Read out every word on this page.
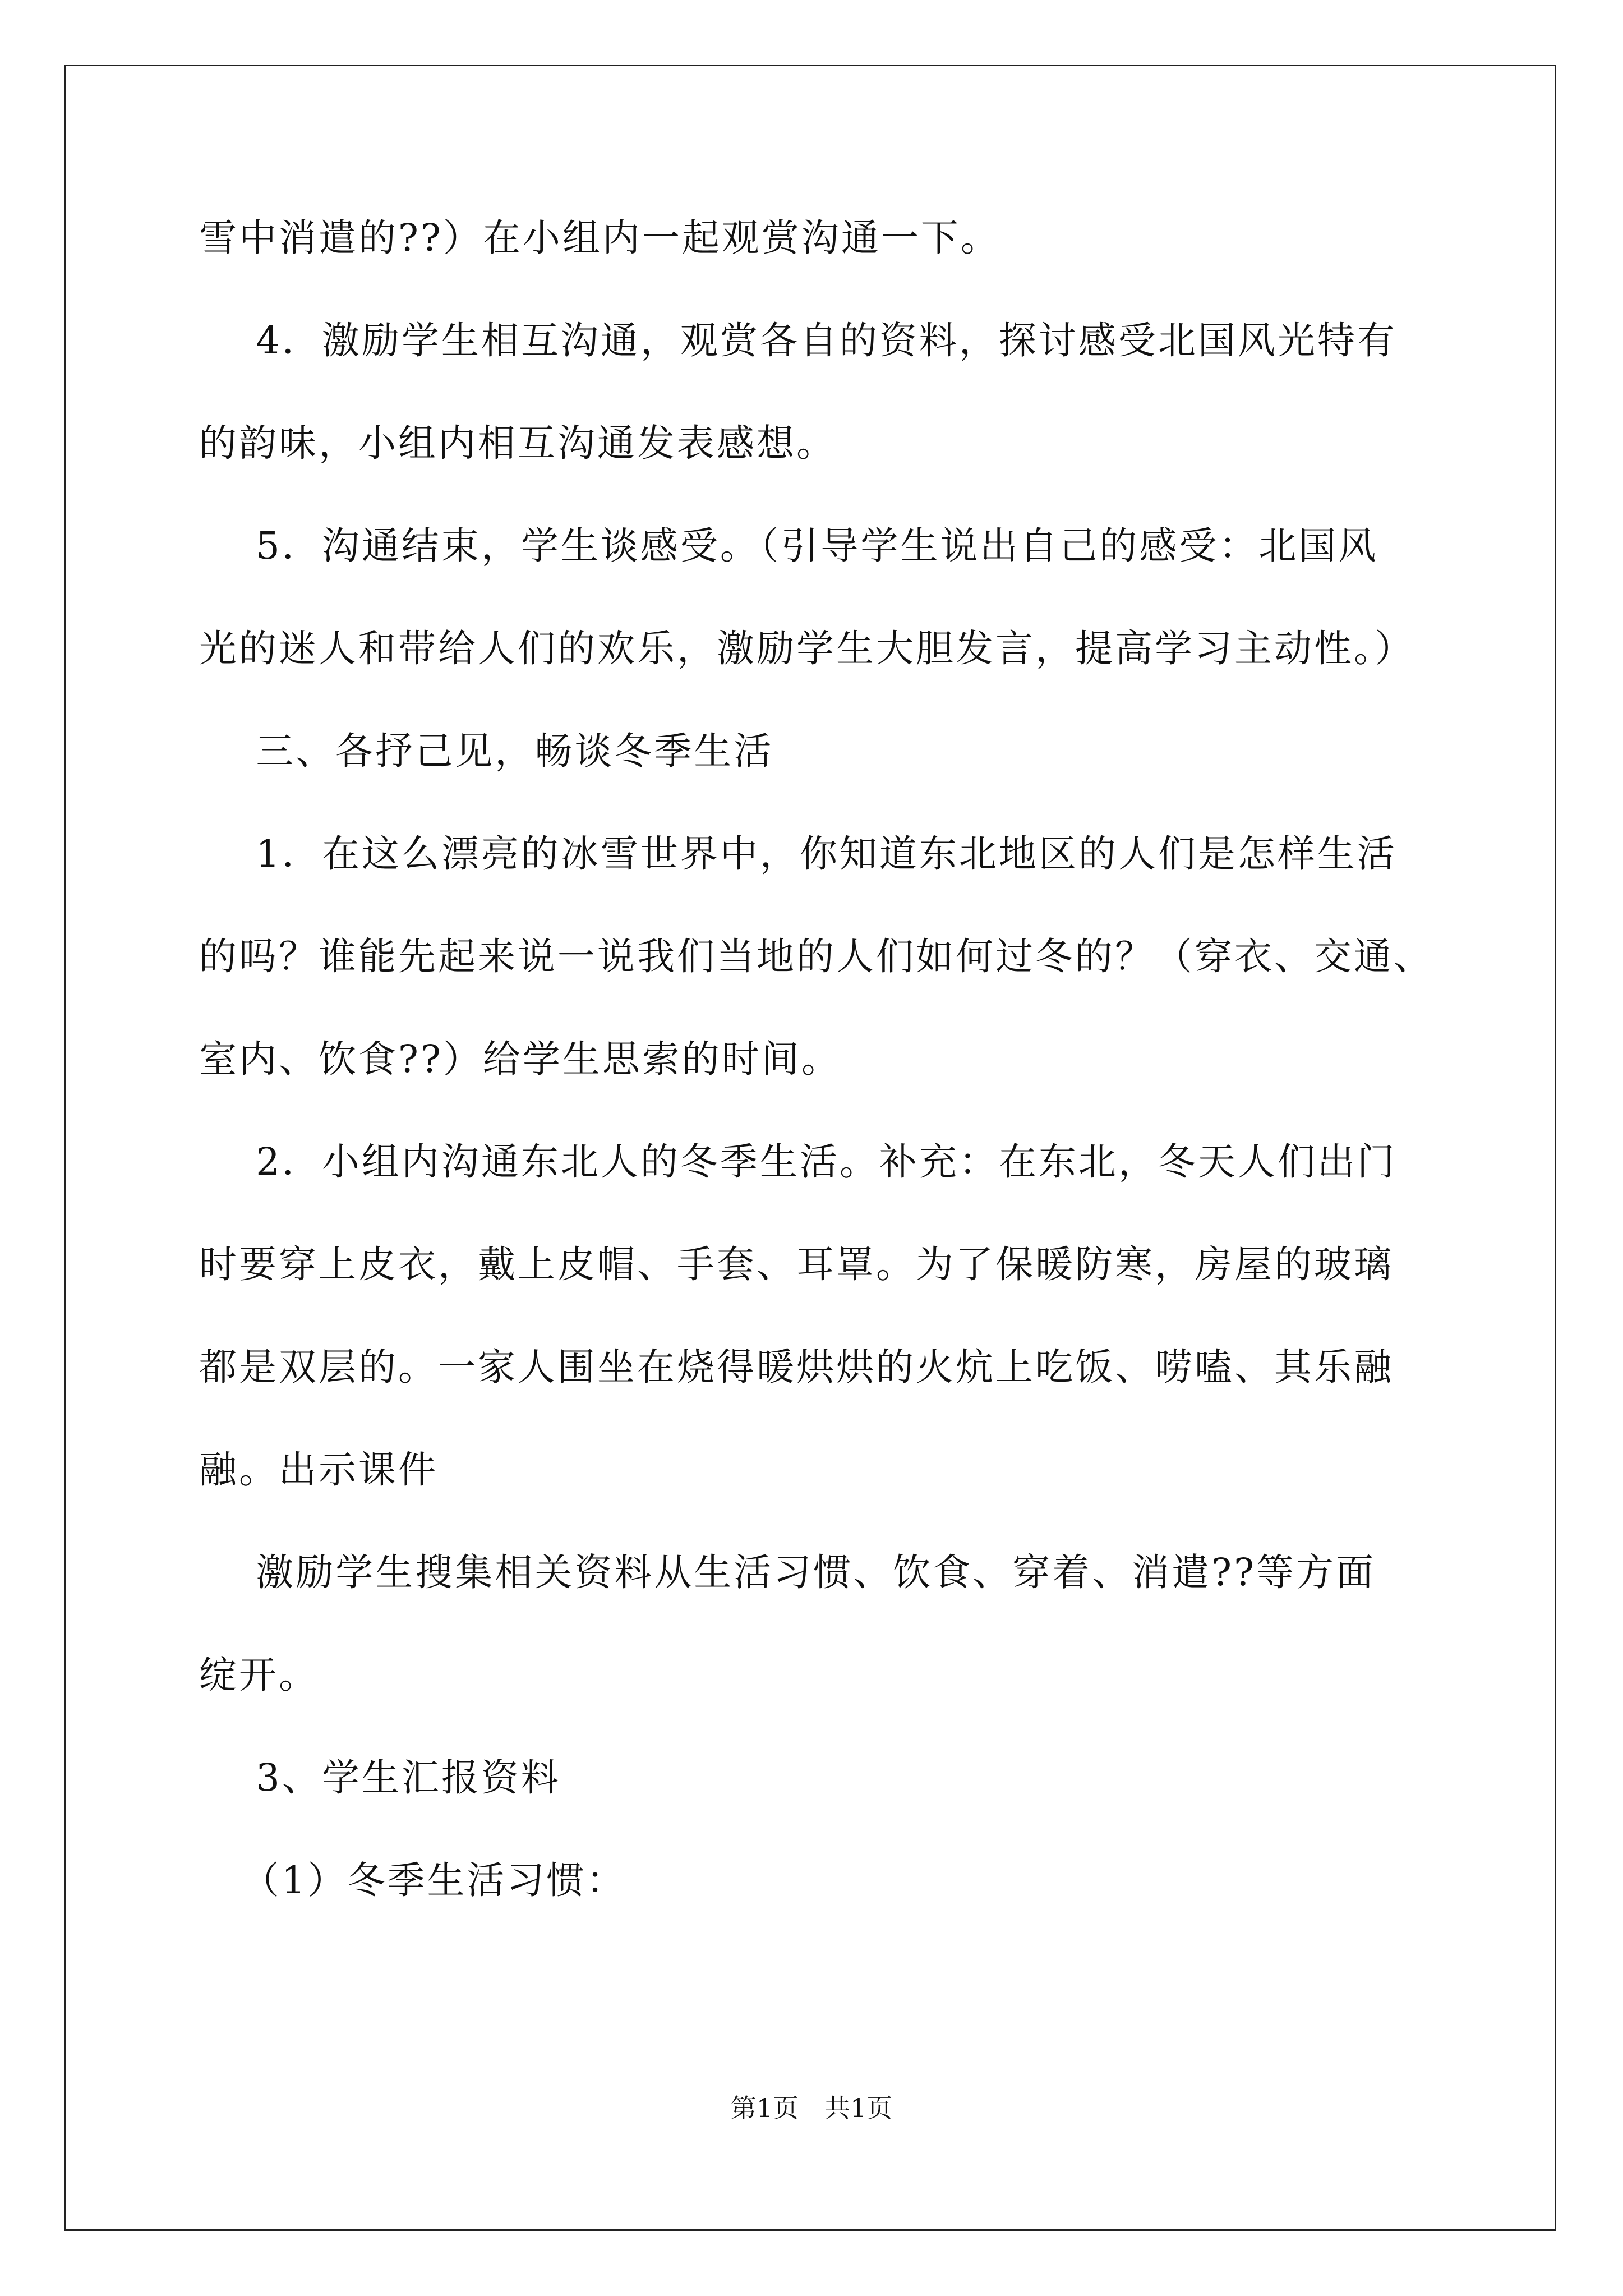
雪中消遣的??）在小组内一起观赏沟通一下。

4．激励学生相互沟通，观赏各自的资料，探讨感受北国风光特有

的韵味，小组内相互沟通发表感想。

5．沟通结束，学生谈感受。（引导学生说出自己的感受：北国风

光的迷人和带给人们的欢乐，激励学生大胆发言，提高学习主动性。）

三、各抒己见，畅谈冬季生活

1．在这么漂亮的冰雪世界中，你知道东北地区的人们是怎样生活

的吗？谁能先起来说一说我们当地的人们如何过冬的？（穿衣、交通、

室内、饮食??）给学生思索的时间。

2．小组内沟通东北人的冬季生活。补充：在东北，冬天人们出门

时要穿上皮衣，戴上皮帽、手套、耳罩。为了保暖防寒，房屋的玻璃

都是双层的。一家人围坐在烧得暖烘烘的火炕上吃饭、唠嗑、其乐融

融。出示课件

激励学生搜集相关资料从生活习惯、饮食、穿着、消遣??等方面

绽开。

3、学生汇报资料

（1）冬季生活习惯：

第1页　共1页
